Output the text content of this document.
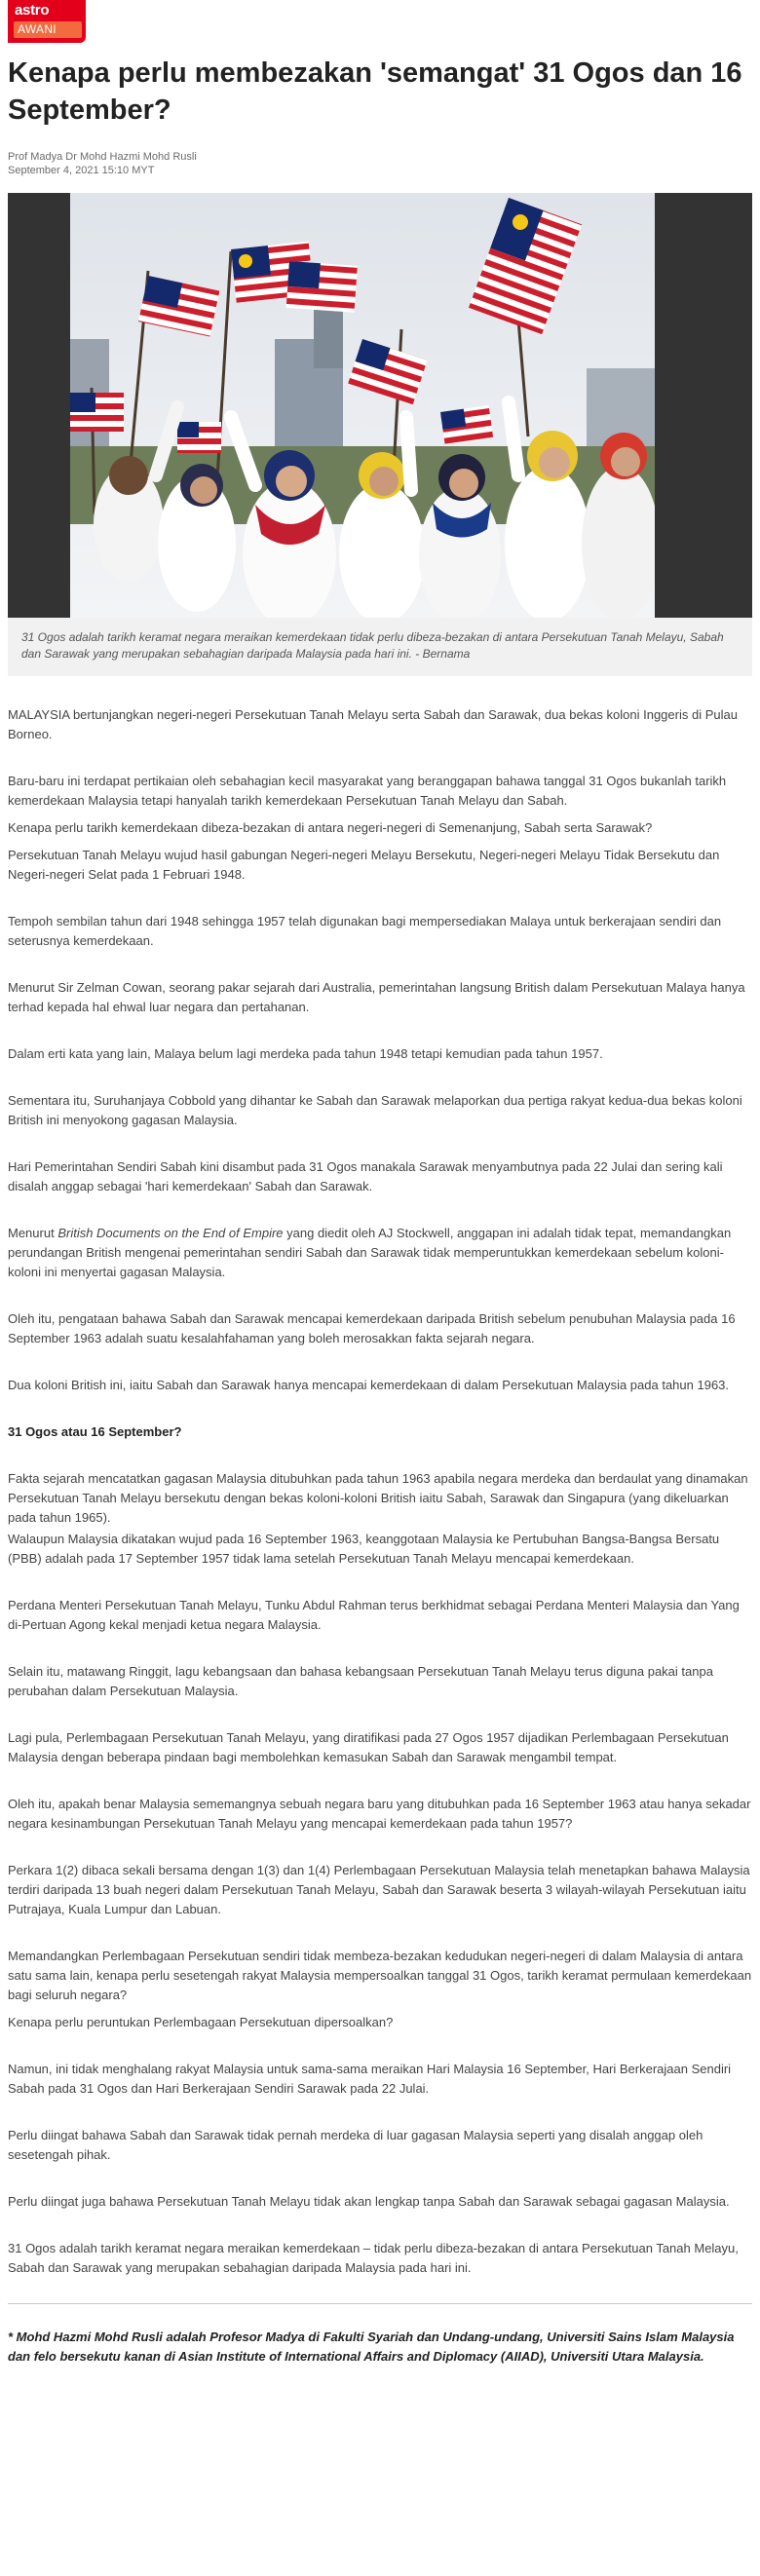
astro
AWANI
Kenapa perlu membezakan 'semangat' 31 Ogos dan 16 September?
Prof Madya Dr Mohd Hazmi Mohd Rusli
September 4, 2021 15:10 MYT
31 Ogos adalah tarikh keramat negara meraikan kemerdekaan tidak perlu dibeza-bezakan di antara Persekutuan Tanah Melayu, Sabah dan Sarawak yang merupakan sebahagian daripada Malaysia pada hari ini. - Bernama

MALAYSIA bertunjangkan negeri-negeri Persekutuan Tanah Melayu serta Sabah dan Sarawak, dua bekas koloni Inggeris di Pulau Borneo.

Baru-baru ini terdapat pertikaian oleh sebahagian kecil masyarakat yang beranggapan bahawa tanggal 31 Ogos bukanlah tarikh kemerdekaan Malaysia tetapi hanyalah tarikh kemerdekaan Persekutuan Tanah Melayu dan Sabah.

Kenapa perlu tarikh kemerdekaan dibeza-bezakan di antara negeri-negeri di Semenanjung, Sabah serta Sarawak?

Persekutuan Tanah Melayu wujud hasil gabungan Negeri-negeri Melayu Bersekutu, Negeri-negeri Melayu Tidak Bersekutu dan Negeri-negeri Selat pada 1 Februari 1948.

Tempoh sembilan tahun dari 1948 sehingga 1957 telah digunakan bagi mempersediakan Malaya untuk berkerajaan sendiri dan seterusnya kemerdekaan.

Menurut Sir Zelman Cowan, seorang pakar sejarah dari Australia, pemerintahan langsung British dalam Persekutuan Malaya hanya terhad kepada hal ehwal luar negara dan pertahanan.

Dalam erti kata yang lain, Malaya belum lagi merdeka pada tahun 1948 tetapi kemudian pada tahun 1957.

Sementara itu, Suruhanjaya Cobbold yang dihantar ke Sabah dan Sarawak melaporkan dua pertiga rakyat kedua-dua bekas koloni British ini menyokong gagasan Malaysia.

Hari Pemerintahan Sendiri Sabah kini disambut pada 31 Ogos manakala Sarawak menyambutnya pada 22 Julai dan sering kali disalah anggap sebagai 'hari kemerdekaan' Sabah dan Sarawak.

Menurut British Documents on the End of Empire yang diedit oleh AJ Stockwell, anggapan ini adalah tidak tepat, memandangkan perundangan British mengenai pemerintahan sendiri Sabah dan Sarawak tidak memperuntukkan kemerdekaan sebelum koloni-koloni ini menyertai gagasan Malaysia.

Oleh itu, pengataan bahawa Sabah dan Sarawak mencapai kemerdekaan daripada British sebelum penubuhan Malaysia pada 16 September 1963 adalah suatu kesalahfahaman yang boleh merosakkan fakta sejarah negara.

Dua koloni British ini, iaitu Sabah dan Sarawak hanya mencapai kemerdekaan di dalam Persekutuan Malaysia pada tahun 1963.

31 Ogos atau 16 September?

Fakta sejarah mencatatkan gagasan Malaysia ditubuhkan pada tahun 1963 apabila negara merdeka dan berdaulat yang dinamakan Persekutuan Tanah Melayu bersekutu dengan bekas koloni-koloni British iaitu Sabah, Sarawak dan Singapura (yang dikeluarkan pada tahun 1965).

Walaupun Malaysia dikatakan wujud pada 16 September 1963, keanggotaan Malaysia ke Pertubuhan Bangsa-Bangsa Bersatu (PBB) adalah pada 17 September 1957 tidak lama setelah Persekutuan Tanah Melayu mencapai kemerdekaan.

Perdana Menteri Persekutuan Tanah Melayu, Tunku Abdul Rahman terus berkhidmat sebagai Perdana Menteri Malaysia dan Yang di-Pertuan Agong kekal menjadi ketua negara Malaysia.

Selain itu, matawang Ringgit, lagu kebangsaan dan bahasa kebangsaan Persekutuan Tanah Melayu terus diguna pakai tanpa perubahan dalam Persekutuan Malaysia.

Lagi pula, Perlembagaan Persekutuan Tanah Melayu, yang diratifikasi pada 27 Ogos 1957 dijadikan Perlembagaan Persekutuan Malaysia dengan beberapa pindaan bagi membolehkan kemasukan Sabah dan Sarawak mengambil tempat.

Oleh itu, apakah benar Malaysia sememangnya sebuah negara baru yang ditubuhkan pada 16 September 1963 atau hanya sekadar negara kesinambungan Persekutuan Tanah Melayu yang mencapai kemerdekaan pada tahun 1957?

Perkara 1(2) dibaca sekali bersama dengan 1(3) dan 1(4) Perlembagaan Persekutuan Malaysia telah menetapkan bahawa Malaysia terdiri daripada 13 buah negeri dalam Persekutuan Tanah Melayu, Sabah dan Sarawak beserta 3 wilayah-wilayah Persekutuan iaitu Putrajaya, Kuala Lumpur dan Labuan.

Memandangkan Perlembagaan Persekutuan sendiri tidak membeza-bezakan kedudukan negeri-negeri di dalam Malaysia di antara satu sama lain, kenapa perlu sesetengah rakyat Malaysia mempersoalkan tanggal 31 Ogos, tarikh keramat permulaan kemerdekaan bagi seluruh negara?

Kenapa perlu peruntukan Perlembagaan Persekutuan dipersoalkan?

Namun, ini tidak menghalang rakyat Malaysia untuk sama-sama meraikan Hari Malaysia 16 September, Hari Berkerajaan Sendiri Sabah pada 31 Ogos dan Hari Berkerajaan Sendiri Sarawak pada 22 Julai.

Perlu diingat bahawa Sabah dan Sarawak tidak pernah merdeka di luar gagasan Malaysia seperti yang disalah anggap oleh sesetengah pihak.

Perlu diingat juga bahawa Persekutuan Tanah Melayu tidak akan lengkap tanpa Sabah dan Sarawak sebagai gagasan Malaysia.

31 Ogos adalah tarikh keramat negara meraikan kemerdekaan – tidak perlu dibeza-bezakan di antara Persekutuan Tanah Melayu, Sabah dan Sarawak yang merupakan sebahagian daripada Malaysia pada hari ini.

* Mohd Hazmi Mohd Rusli adalah Profesor Madya di Fakulti Syariah dan Undang-undang, Universiti Sains Islam Malaysia dan felo bersekutu kanan di Asian Institute of International Affairs and Diplomacy (AIIAD), Universiti Utara Malaysia.
